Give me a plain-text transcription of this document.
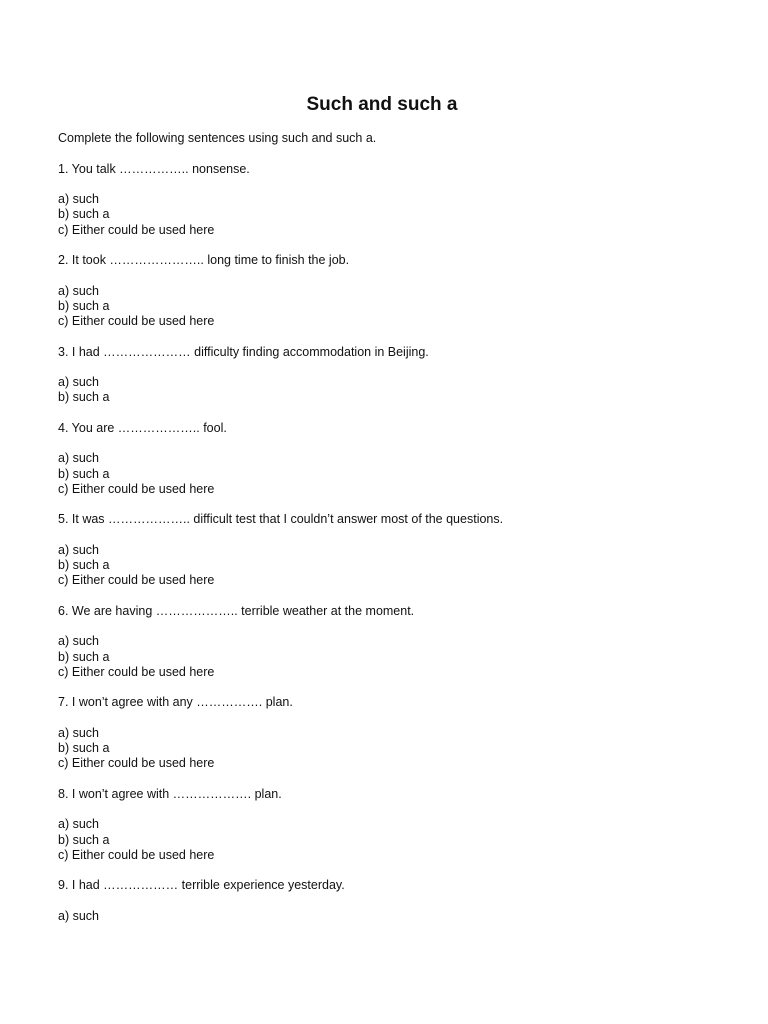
Such and such a
Complete the following sentences using such and such a.
1. You talk …………….. nonsense.
a) such
b) such a
c) Either could be used here
2. It took ………………….. long time to finish the job.
a) such
b) such a
c) Either could be used here
3. I had ………………… difficulty finding accommodation in Beijing.
a) such
b) such a
4. You are ……………….. fool.
a) such
b) such a
c) Either could be used here
5. It was ……………….. difficult test that I couldn’t answer most of the questions.
a) such
b) such a
c) Either could be used here
6. We are having ……………….. terrible weather at the moment.
a) such
b) such a
c) Either could be used here
7. I won’t agree with any ……………. plan.
a) such
b) such a
c) Either could be used here
8. I won’t agree with ………………. plan.
a) such
b) such a
c) Either could be used here
9. I had ……………… terrible experience yesterday.
a) such
